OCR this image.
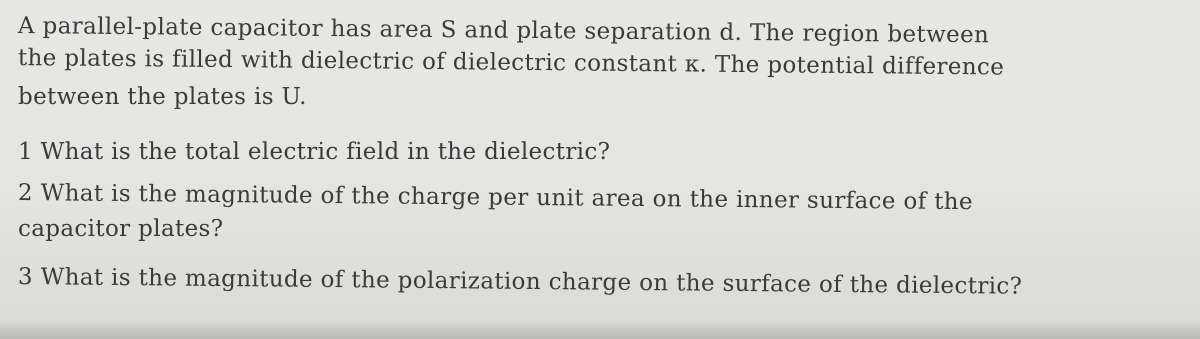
A parallel-plate capacitor has area S and plate separation d. The region between
the plates is filled with dielectric of dielectric constant κ. The potential difference
between the plates is U.
1 What is the total electric field in the dielectric?
2 What is the magnitude of the charge per unit area on the inner surface of the
capacitor plates?
3 What is the magnitude of the polarization charge on the surface of the dielectric?
